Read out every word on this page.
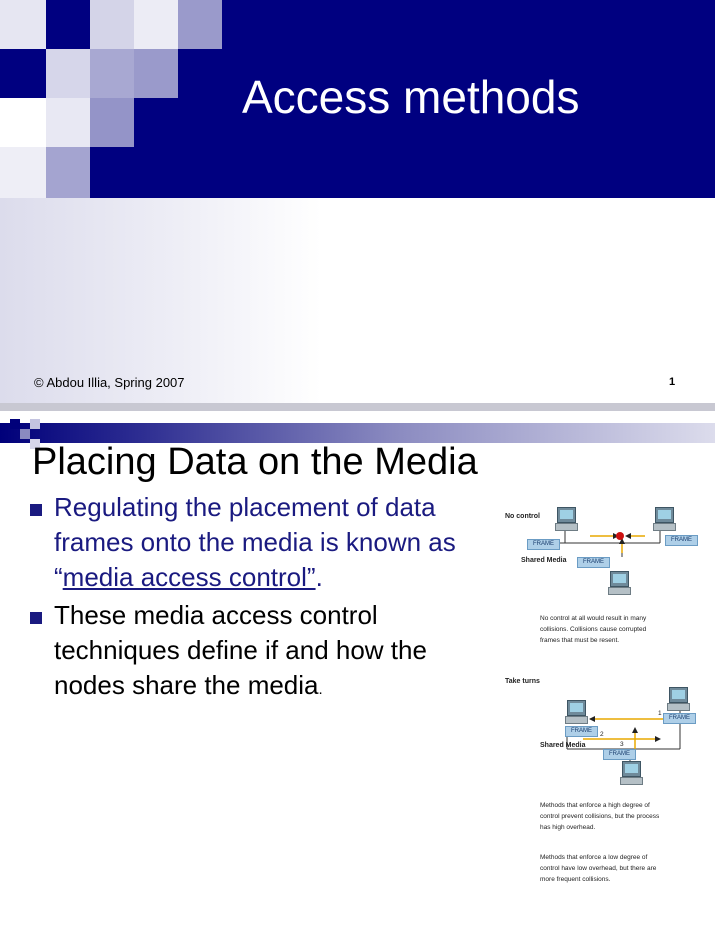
Access methods
© Abdou Illia, Spring 2007	1
Placing Data on the Media
Regulating the placement of data frames onto the media is known as “media access control”.
These media access control techniques define if and how the nodes share the media.
No control
FRAME
FRAME
FRAME
Shared Media
No control at all would result in many collisions. Collisions cause corrupted frames that must be resent.
Take turns
FRAME
FRAME
FRAME
1
2
3
Shared Media
Methods that enforce a high degree of control prevent collisions, but the process has high overhead.
Methods that enforce a low degree of control have low overhead, but there are more frequent collisions.
